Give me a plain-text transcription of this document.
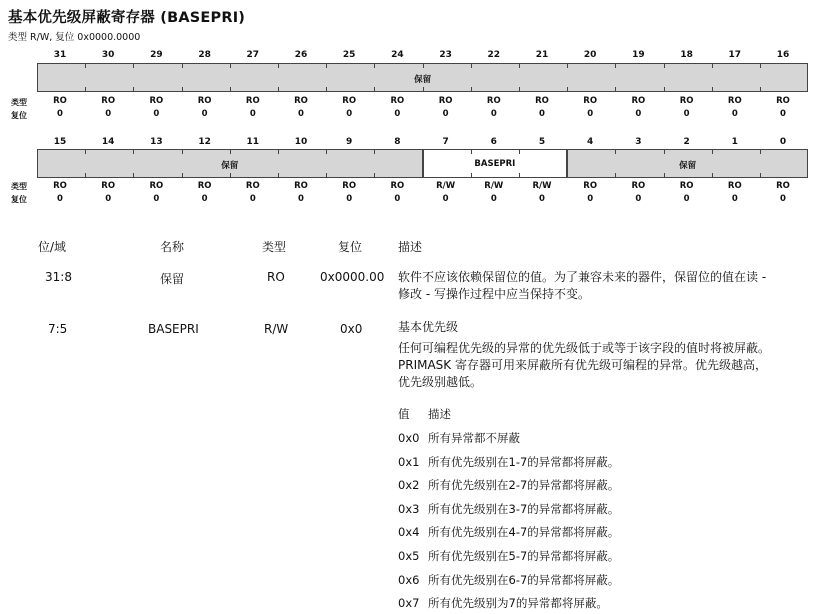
基本优先级屏蔽寄存器 (BASEPRI)
类型 R/W, 复位 0x0000.0000
31	30	29	28	27	26	25	24	23	22	21	20	19	18	17	16
保留
类型
复位
RO	RO	RO	RO	RO	RO	RO	RO	RO	RO	RO	RO	RO	RO	RO	RO
0	0	0	0	0	0	0	0	0	0	0	0	0	0	0	0
15	14	13	12	11	10	9	8	7	6	5	4	3	2	1	0
保留	BASEPRI	保留
类型
复位
RO	RO	RO	RO	RO	RO	RO	RO	R/W	R/W	R/W	RO	RO	RO	RO	RO
0	0	0	0	0	0	0	0	0	0	0	0	0	0	0	0
位/域	名称	类型	复位	描述
31:8	保留	RO	0x0000.00 软件不应该依赖保留位的值。为了兼容未来的器件，保留位的值在读 -
修改 - 写操作过程中应当保持不变。
7:5	BASEPRI	R/W	0x0	基本优先级
任何可编程优先级的异常的优先级低于或等于该字段的值时将被屏蔽。
PRIMASK 寄存器可用来屏蔽所有优先级可编程的异常。优先级越高，
优先级别越低。
值 描述
0x0 所有异常都不屏蔽
0x1 所有优先级别在1-7的异常都将屏蔽。
0x2 所有优先级别在2-7的异常都将屏蔽。
0x3 所有优先级别在3-7的异常都将屏蔽。
0x4 所有优先级别在4-7的异常都将屏蔽。
0x5 所有优先级别在5-7的异常都将屏蔽。
0x6 所有优先级别在6-7的异常都将屏蔽。
0x7 所有优先级别为7的异常都将屏蔽。
